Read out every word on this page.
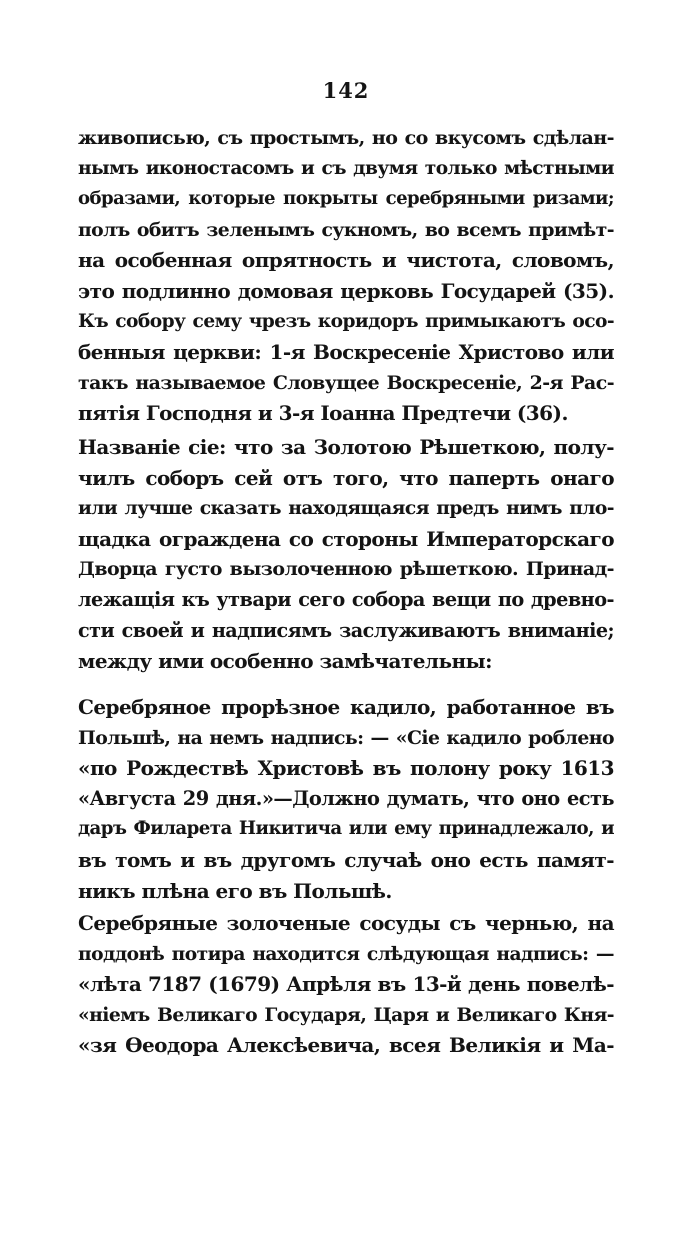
142
живописью, съ простымъ, но со вкусомъ сдѣлан-
нымъ иконостасомъ и съ двумя только мѣстными
образами, которые покрыты серебряными ризами;
полъ обитъ зеленымъ сукномъ, во всемъ примѣт-
на особенная опрятность и чистота, словомъ,
это подлинно домовая церковь Государей (35).
Къ собору сему чрезъ коридоръ примыкаютъ осо-
бенныя церкви: 1-я Воскресеніе Христово или
такъ называемое Словущее Воскресеніе, 2-я Рас-
пятія Господня и 3-я Іоанна Предтечи (36).
Названіе сіе: что за Золотою Рѣшеткою, полу-
чилъ соборъ сей отъ того, что паперть онаго
или лучше сказать находящаяся предъ нимъ пло-
щадка ограждена со стороны Императорскаго
Дворца густо вызолоченною рѣшеткою. Принад-
лежащія къ утвари сего собора вещи по древно-
сти своей и надписямъ заслуживаютъ вниманіе;
между ими особенно замѣчательны:
Серебряное прорѣзное кадило, работанное въ
Польшѣ, на немъ надпись: — «Сіе кадило роблено
«по Рождествѣ Христовѣ въ полону року 1613
«Августа 29 дня.»—Должно думать, что оно есть
даръ Филарета Никитича или ему принадлежало, и
въ томъ и въ другомъ случаѣ оно есть памят-
никъ плѣна его въ Польшѣ.
Серебряные золоченые сосуды съ чернью, на
поддонѣ потира находится слѣдующая надпись: —
«лѣта 7187 (1679) Апрѣля въ 13-й день повелѣ-
«ніемъ Великаго Государя, Царя и Великаго Кня-
«зя Ѳеодора Алексѣевича, всея Великія и Ма-
